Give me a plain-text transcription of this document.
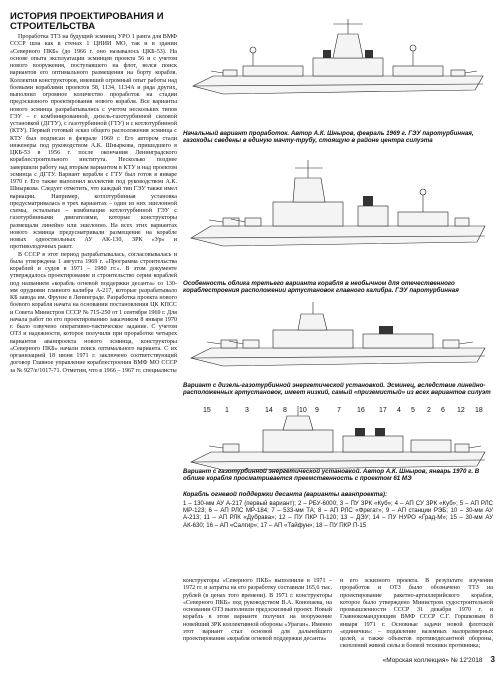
ИСТОРИЯ ПРОЕКТИРОВАНИЯ И СТРОИТЕЛЬСТВА

Проработка ТТЗ на будущий эсминец УРО 1 ранга для ВМФ СССР шла как в стенах 1 ЦНИИ МО, так и в здании «Северного ПКБ» (до 1966 г. оно называлось ЦКБ-53). На основе опыта эксплуатации эсминцев проекта 56 и с учетом нового вооружения, поступавшего на флот, велся поиск вариантов его оптимального размещения на борту корабля. Коллектив конструкторов, имевший огромный опыт работы над боевыми кораблями проектов 58, 1134, 1134А и ряда других, выполнил огромное количество проработок на стадии предэскизного проектирования нового корабля. Все варианты нового эсминца разрабатывались с учетом нескольких типов ГЭУ – с комбинированной, дизель-газотурбинной силовой установкой (ДГТУ), с газотурбинной (ГТУ) и с котлотурбинной (КТУ). Первый готовый эскиз общего расположения эсминца с КТУ был подписан в феврале 1969 г. Его автором стали инженеры под руководством А.К. Шныркова, пришедшего в ЦКБ-53 в 1956 г. после окончания Ленинградского кораблестроительного института. Несколько позднее завершили работу над вторым вариантом в КТУ и над проектом эсминца с ДГТУ. Вариант корабля с ГТУ был готов в январе 1970 г. Его также выполнил коллектив под руководством А.К. Шныркова. Следует отметить, что каждый тип ГЭУ также имел вариации. Например, котлотурбинная установка предусматривалась в трех вариантах – один из них эшелонной схемы, остальные – комбинация котлотурбинной ГЭУ с газотурбинными двигателями, которые конструкторы размещали линейно или эшелонно. На всех этих вариантах нового эсминца предусматривали размещение на корабле новых одноствольных АУ АК-130, ЗРК «Ур» и противолодочных ракет.

В СССР в этот период разрабатывалась, согласовывалась и была утверждена 1 августа 1969 г. «Программа строительства кораблей и судов в 1971 – 1980 гг.». В этом документе утверждалось проектирование и строительство серии кораблей под названием «корабль огневой поддержки десанта» со 130-мм орудиями главного калибра А-217, которые разрабатывало КБ завода им. Фрунзе в Ленинграде. Разработка проекта нового боевого корабля начата на основании постановления ЦК КПСС и Совета Министров СССР № 715-250 от 1 сентября 1969 г. Для начала работ по его проектированию заказчиком 8 января 1970 г. было озвучено оперативно-тактическое задание. С учетом ОТЗ и надежности, которое получили при проработке четырех вариантов аванпроекта нового эсминца, конструкторы «Северного ПКБ» начали поиск оптимального варианта. С их организацией 18 июня 1971 г. заключено соответствующий договор Главное управление кораблестроения ВМФ МО СССР за № 927/е/1017-71. Отметим, что в 1966 – 1967 гг. специалисты

Начальный вариант проработок. Автор А.К. Шныров, февраль 1969 г. ГЭУ паротурбинная, газоходы сведены в единую мачту-трубу, стоящую в районе центра силуэта

Особенность облика третьего варианта корабля в необычном для отечественного кораблестроения расположении артустановок главного калибра. ГЭУ паротурбинная

Вариант с дизель-газотурбинной энергетической установкой. Эсминец, вследствие линейно-расположенных артустановок, имеет низкий, самый «приземистый» из всех вариантов силуэт

15 1 3 14 8 10 9	7 16 17 4 5 2 6 12 18

Вариант с газотурбинной энергетической установкой. Автор А.К. Шныров, январь 1970 г. В облике корабля просматривается преемственность с проектом 61 МЭ

Корабль огневой поддержки десанта (варианты аванпроекта):
1 – 130-мм АУ А-217 (первый вариант); 2 – РБУ-6000; 3 – ПУ ЗРК «Куб»; 4 – АП СУ ЗРК «Куб»; 5 – АП РЛС МР-123; 6 – АП РЛС МР-184; 7 – 533-мм ТА; 8 – АП РЛС «Фрегат»; 9 – АП станции РЭБ; 10 – 30-мм АУ А-213; 11 – АП РЛК «Дубрава»; 12 – ПУ ПКР П-120; 13 – ДЭУ; 14 – ПУ НУРО «Град-М»; 15 – 30-мм АУ АК-630; 16 – АП «Салгир»; 17 – АП «Тайфун»; 18 – ПУ ПКР П-15

конструкторы «Северного ПКБ» выполнили в 1971 – 1972 гг. и затраты на его разработку составили 165,6 тыс. рублей (в ценах того времени). В 1971 г. конструкторы «Северного ПКБ» под руководством В.А. Конопаева, на основании ОТЗ выполнили предэскизный проект. Новый корабль в этом варианте получил на вооружение новейший ЗРК коллективной обороны «Ураган». Именно этот вариант стал основой для дальнейшего проектирования «корабля огневой поддержки десанта»

и его эскизного проекта. В результате изучения проработок и ОТЗ было обозначено ТТЗ на проектирование ракетно-артиллерийского корабля, которое было утверждено Министром судостроительной промышленности СССР 31 декабря 1970 г. и Главнокомандующим ВМФ СССР С.Г. Горшковым 8 января 1971 г. Основные задачи новой флотской «единички»: – подавление наземных малоразмерных целей, а также объектов противодесантной обороны, скоплений живой силы и боевой техники противника;

«Морская коллекция» № 12'2018 3
